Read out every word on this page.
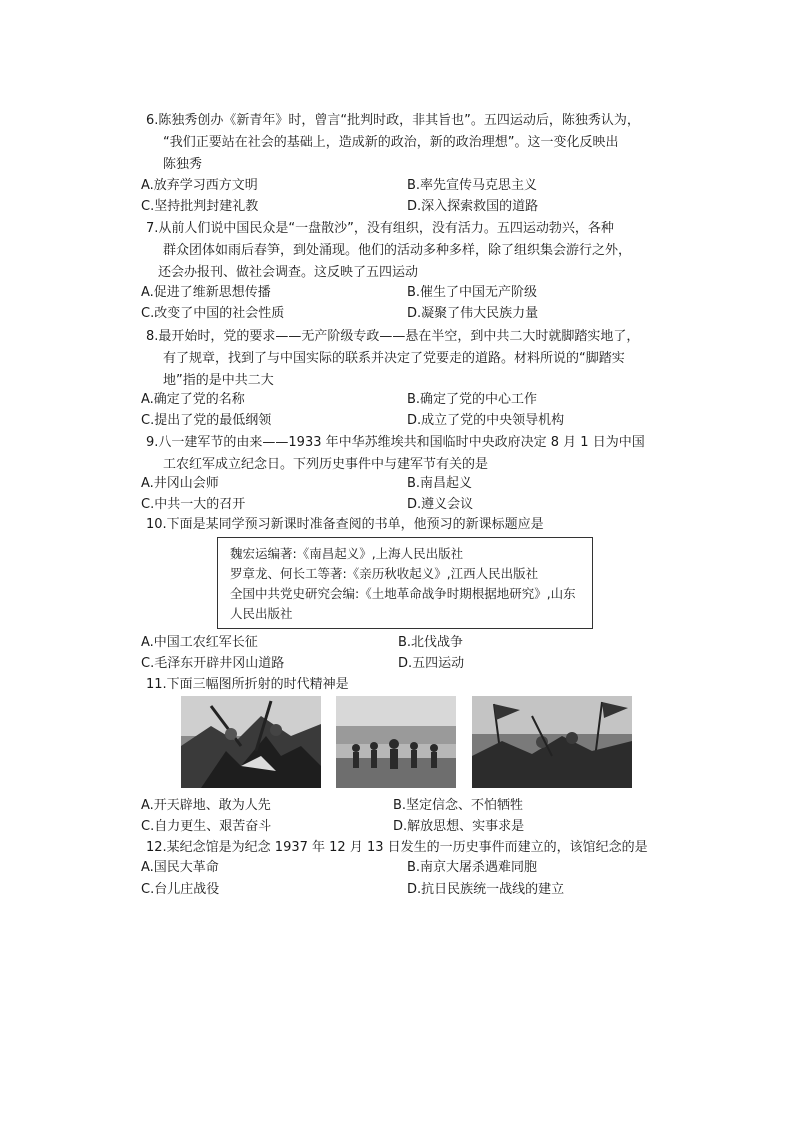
6.陈独秀创办《新青年》时，曾言“批判时政，非其旨也”。五四运动后，陈独秀认为，
“我们正要站在社会的基础上，造成新的政治，新的政治理想”。这一变化反映出
陈独秀
A.放弃学习西方文明	B.率先宣传马克思主义
C.坚持批判封建礼教	D.深入探索救国的道路
7.从前人们说中国民众是“一盘散沙”，没有组织，没有活力。五四运动勃兴，各种
群众团体如雨后春笋，到处涌现。他们的活动多种多样，除了组织集会游行之外，
还会办报刊、做社会调查。这反映了五四运动
A.促进了维新思想传播	B.催生了中国无产阶级
C.改变了中国的社会性质	D.凝聚了伟大民族力量
8.最开始时，党的要求——无产阶级专政——悬在半空，到中共二大时就脚踏实地了，
有了规章，找到了与中国实际的联系并决定了党要走的道路。材料所说的“脚踏实
地”指的是中共二大
A.确定了党的名称	B.确定了党的中心工作
C.提出了党的最低纲领	D.成立了党的中央领导机构
9.八一建军节的由来——1933 年中华苏维埃共和国临时中央政府决定 8 月 1 日为中国
工农红军成立纪念日。下列历史事件中与建军节有关的是
A.井冈山会师	B.南昌起义
C.中共一大的召开	D.遵义会议
10.下面是某同学预习新课时准备查阅的书单，他预习的新课标题应是
魏宏运编著:《南昌起义》,上海人民出版社
罗章龙、何长工等著:《亲历秋收起义》,江西人民出版社
全国中共党史研究会编:《土地革命战争时期根据地研究》,山东
人民出版社
A.中国工农红军长征	B.北伐战争
C.毛泽东开辟井冈山道路	D.五四运动
11.下面三幅图所折射的时代精神是
A.开天辟地、敢为人先	B.坚定信念、不怕牺牲
C.自力更生、艰苦奋斗	D.解放思想、实事求是
12.某纪念馆是为纪念 1937 年 12 月 13 日发生的一历史事件而建立的，该馆纪念的是
A.国民大革命	B.南京大屠杀遇难同胞
C.台儿庄战役	D.抗日民族统一战线的建立
